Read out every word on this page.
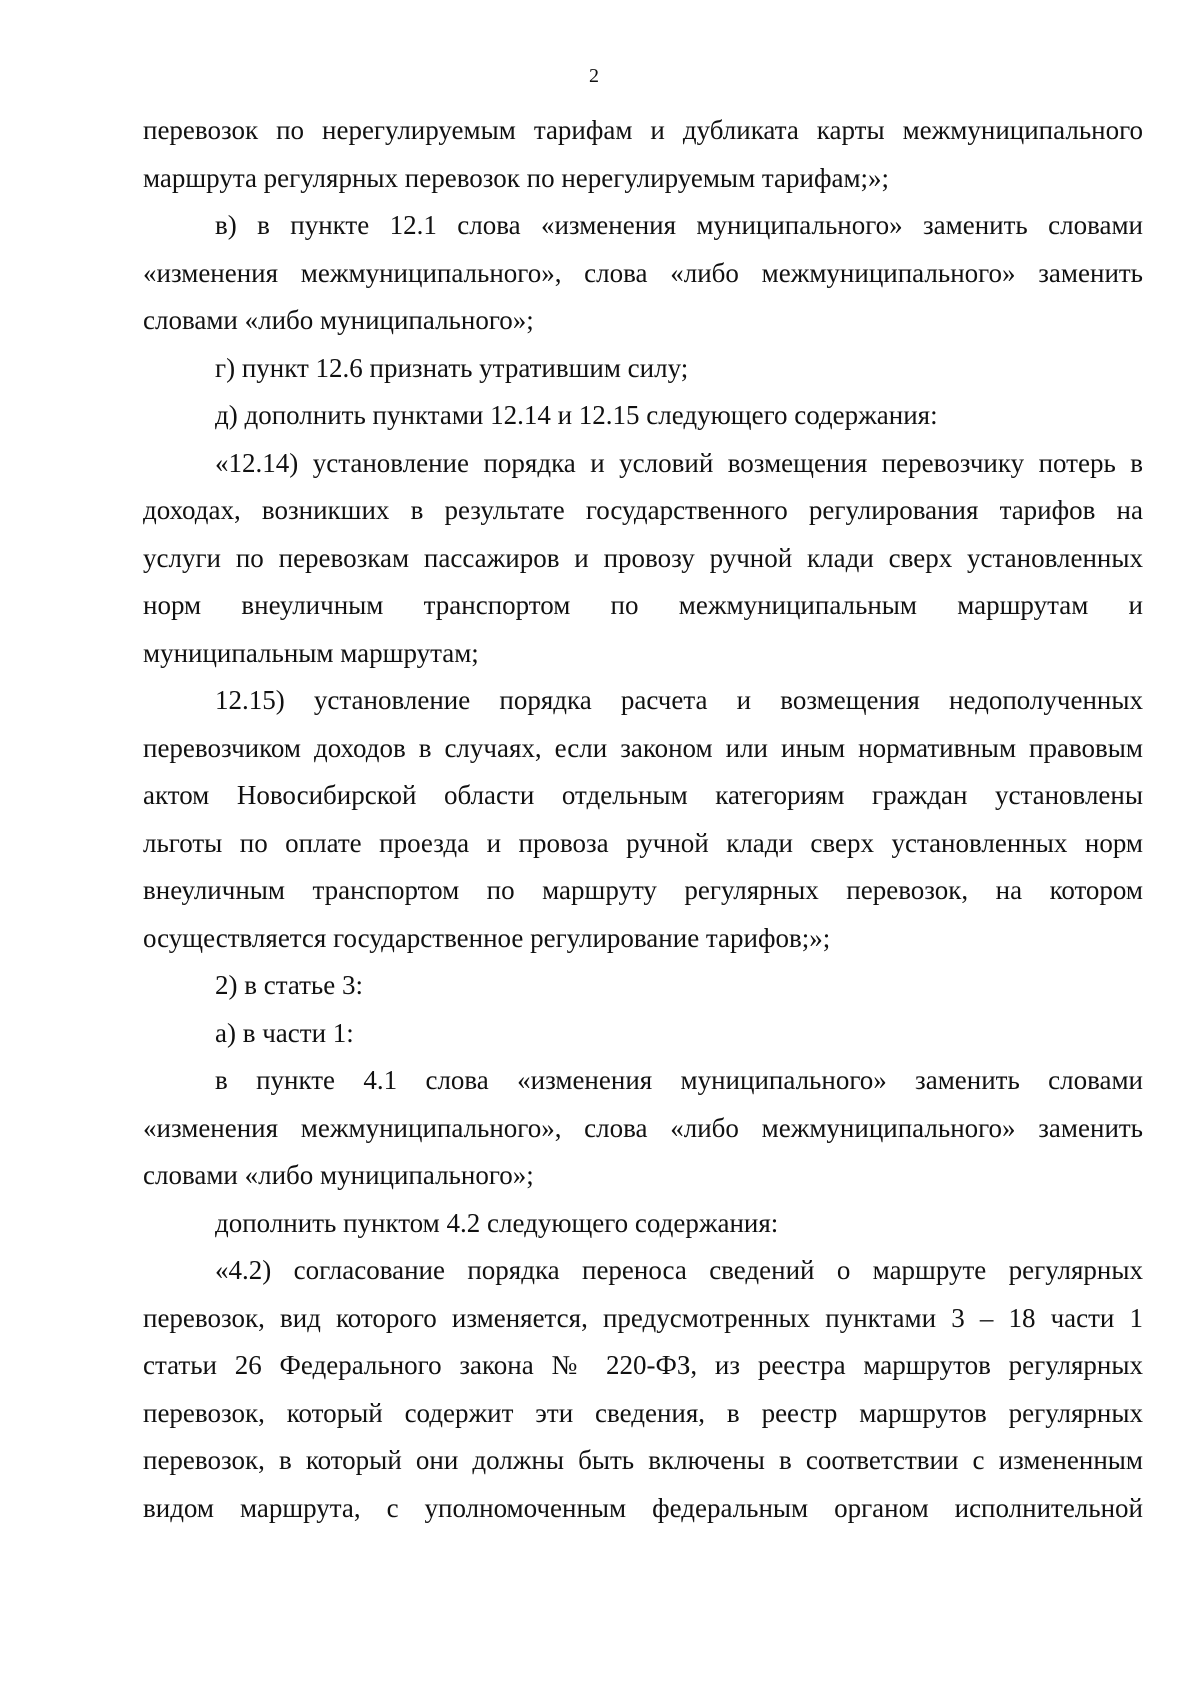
2
перевозок по нерегулируемым тарифам и дубликата карты межмуниципального
маршрута регулярных перевозок по нерегулируемым тарифам;»;
в) в пункте 12.1 слова «изменения муниципального» заменить словами
«изменения межмуниципального», слова «либо межмуниципального» заменить
словами «либо муниципального»;
г) пункт 12.6 признать утратившим силу;
д) дополнить пунктами 12.14 и 12.15 следующего содержания:
«12.14) установление порядка и условий возмещения перевозчику потерь в
доходах, возникших в результате государственного регулирования тарифов на
услуги по перевозкам пассажиров и провозу ручной клади сверх установленных
норм внеуличным транспортом по межмуниципальным маршрутам и
муниципальным маршрутам;
12.15) установление порядка расчета и возмещения недополученных
перевозчиком доходов в случаях, если законом или иным нормативным правовым
актом Новосибирской области отдельным категориям граждан установлены
льготы по оплате проезда и провоза ручной клади сверх установленных норм
внеуличным транспортом по маршруту регулярных перевозок, на котором
осуществляется государственное регулирование тарифов;»;
2) в статье 3:
а) в части 1:
в пункте 4.1 слова «изменения муниципального» заменить словами
«изменения межмуниципального», слова «либо межмуниципального» заменить
словами «либо муниципального»;
дополнить пунктом 4.2 следующего содержания:
«4.2) согласование порядка переноса сведений о маршруте регулярных
перевозок, вид которого изменяется, предусмотренных пунктами 3 – 18 части 1
статьи 26 Федерального закона № 220-ФЗ, из реестра маршрутов регулярных
перевозок, который содержит эти сведения, в реестр маршрутов регулярных
перевозок, в который они должны быть включены в соответствии с измененным
видом маршрута, с уполномоченным федеральным органом исполнительной
